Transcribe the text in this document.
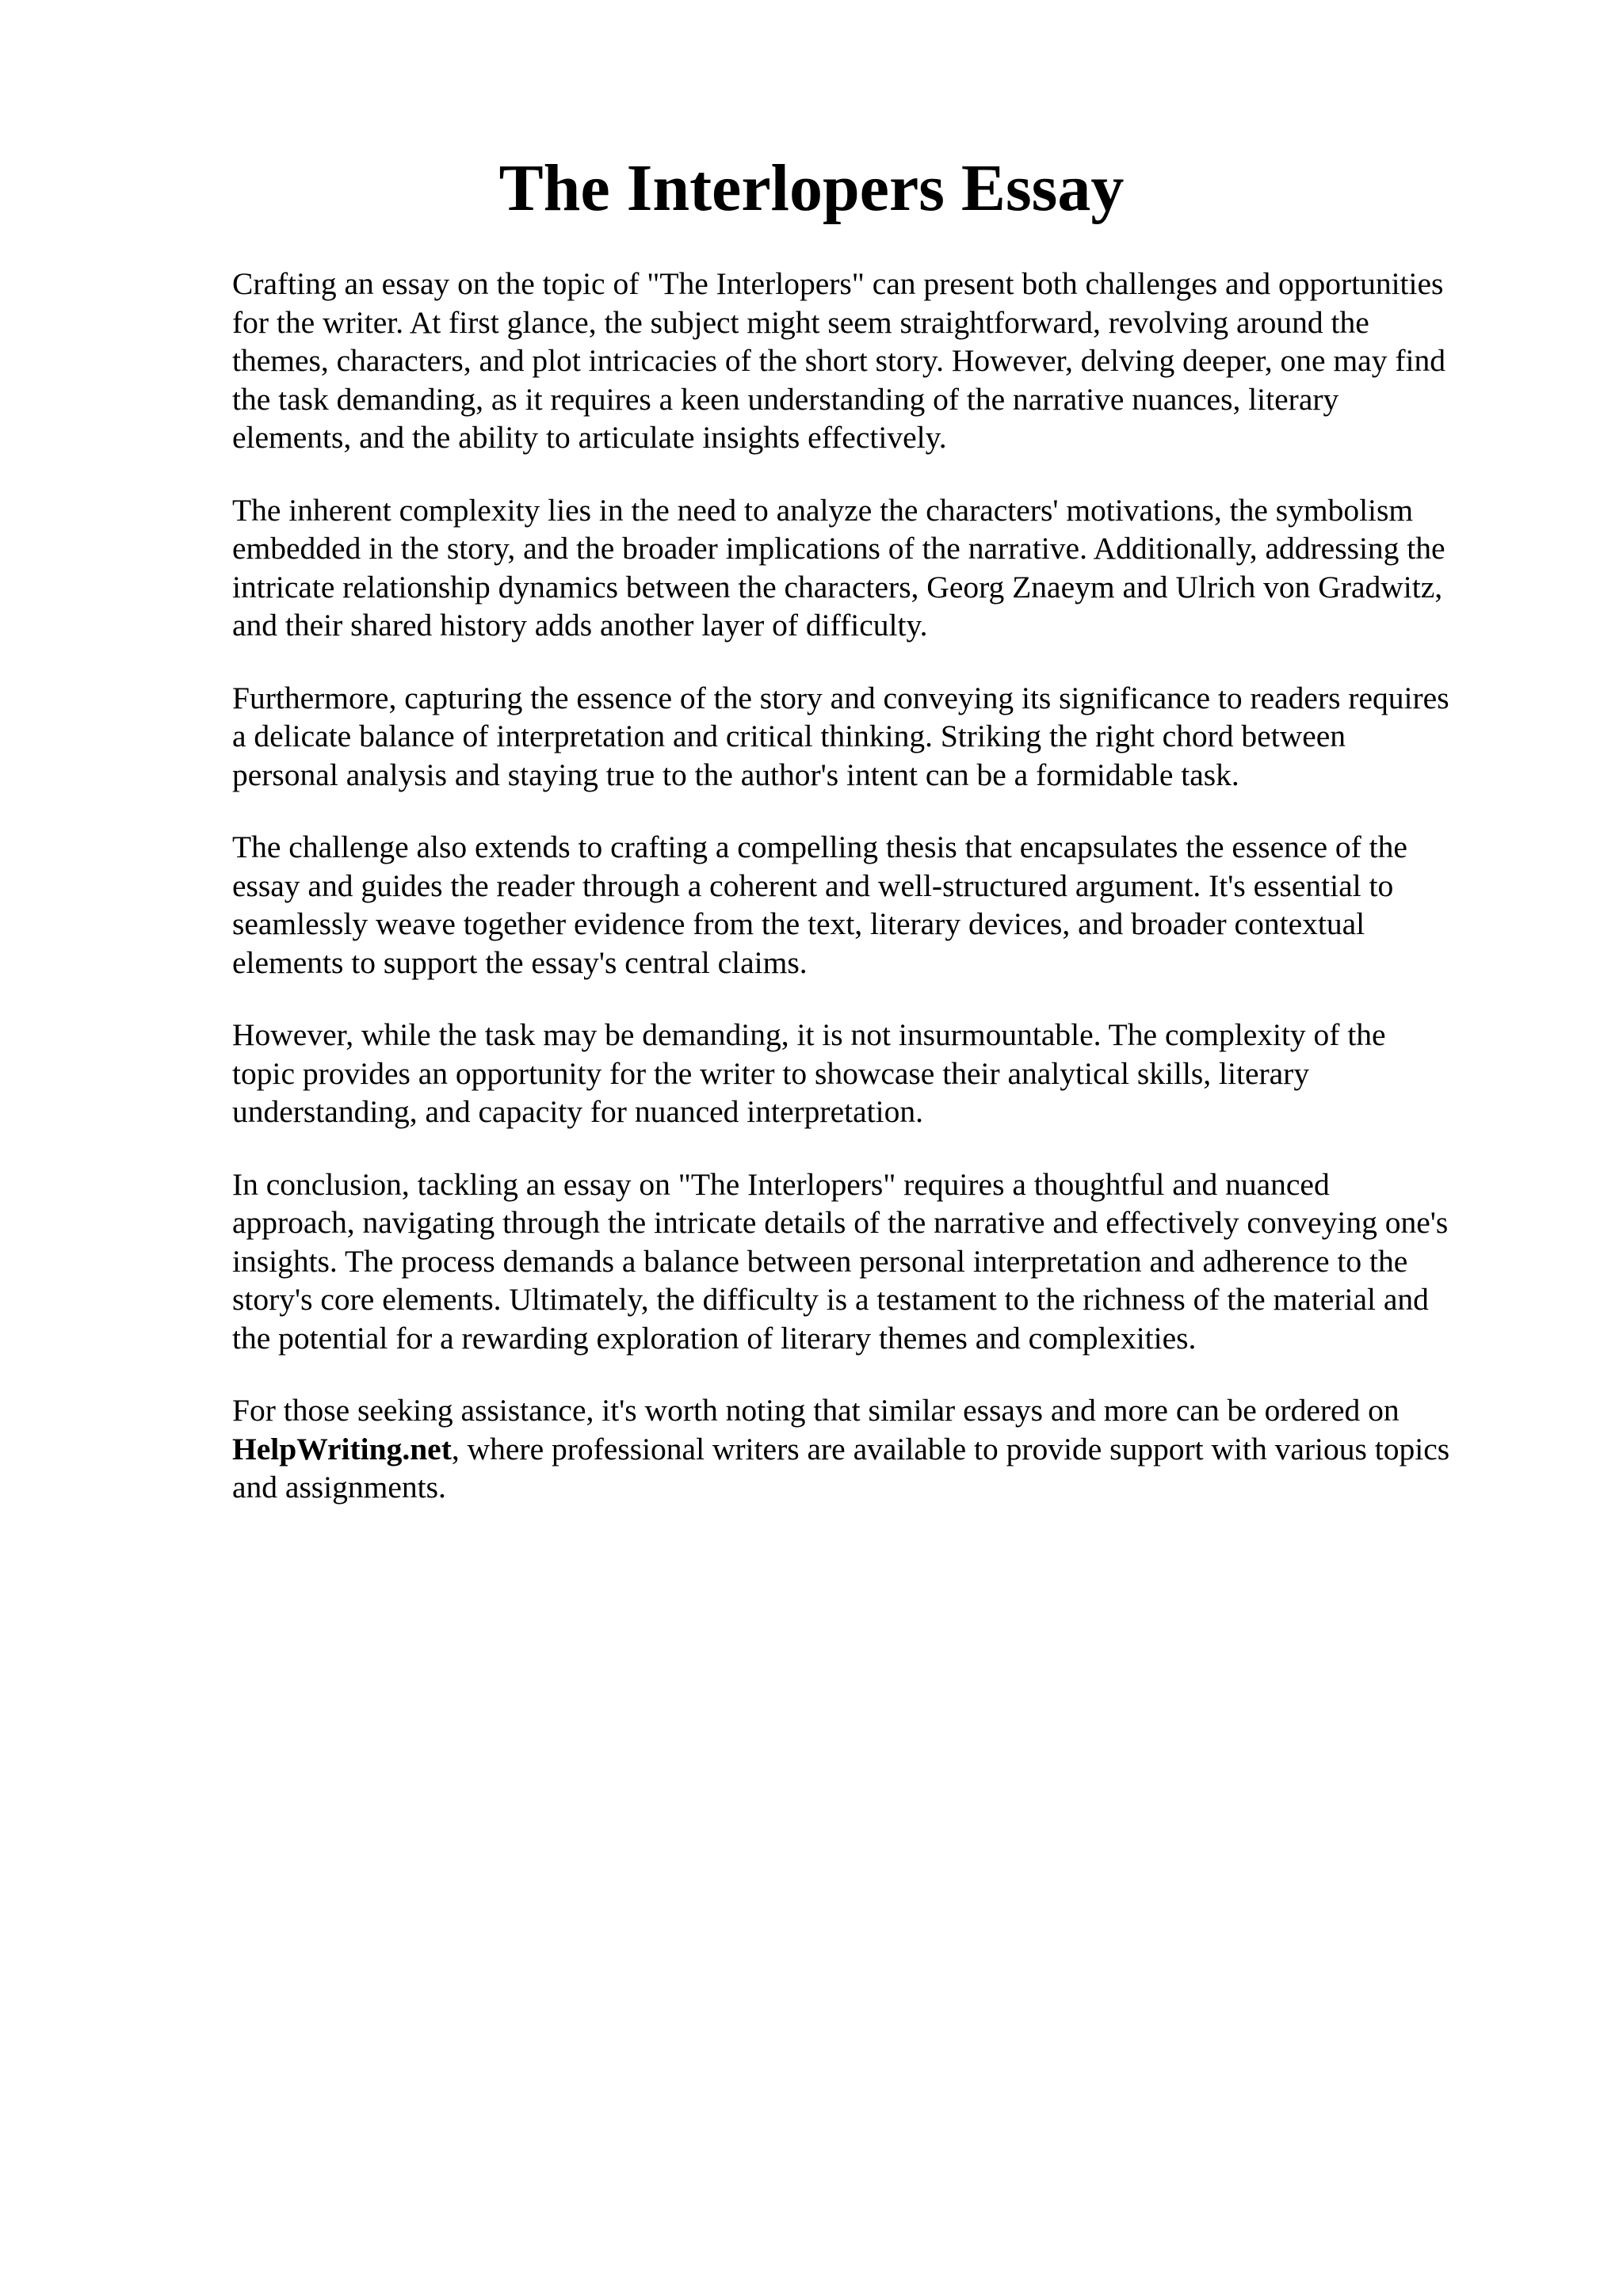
The Interlopers Essay

Crafting an essay on the topic of "The Interlopers" can present both challenges and opportunities
for the writer. At first glance, the subject might seem straightforward, revolving around the
themes, characters, and plot intricacies of the short story. However, delving deeper, one may find
the task demanding, as it requires a keen understanding of the narrative nuances, literary
elements, and the ability to articulate insights effectively.

The inherent complexity lies in the need to analyze the characters' motivations, the symbolism
embedded in the story, and the broader implications of the narrative. Additionally, addressing the
intricate relationship dynamics between the characters, Georg Znaeym and Ulrich von Gradwitz,
and their shared history adds another layer of difficulty.

Furthermore, capturing the essence of the story and conveying its significance to readers requires
a delicate balance of interpretation and critical thinking. Striking the right chord between
personal analysis and staying true to the author's intent can be a formidable task.

The challenge also extends to crafting a compelling thesis that encapsulates the essence of the
essay and guides the reader through a coherent and well-structured argument. It's essential to
seamlessly weave together evidence from the text, literary devices, and broader contextual
elements to support the essay's central claims.

However, while the task may be demanding, it is not insurmountable. The complexity of the
topic provides an opportunity for the writer to showcase their analytical skills, literary
understanding, and capacity for nuanced interpretation.

In conclusion, tackling an essay on "The Interlopers" requires a thoughtful and nuanced
approach, navigating through the intricate details of the narrative and effectively conveying one's
insights. The process demands a balance between personal interpretation and adherence to the
story's core elements. Ultimately, the difficulty is a testament to the richness of the material and
the potential for a rewarding exploration of literary themes and complexities.

For those seeking assistance, it's worth noting that similar essays and more can be ordered on
HelpWriting.net, where professional writers are available to provide support with various topics
and assignments.
